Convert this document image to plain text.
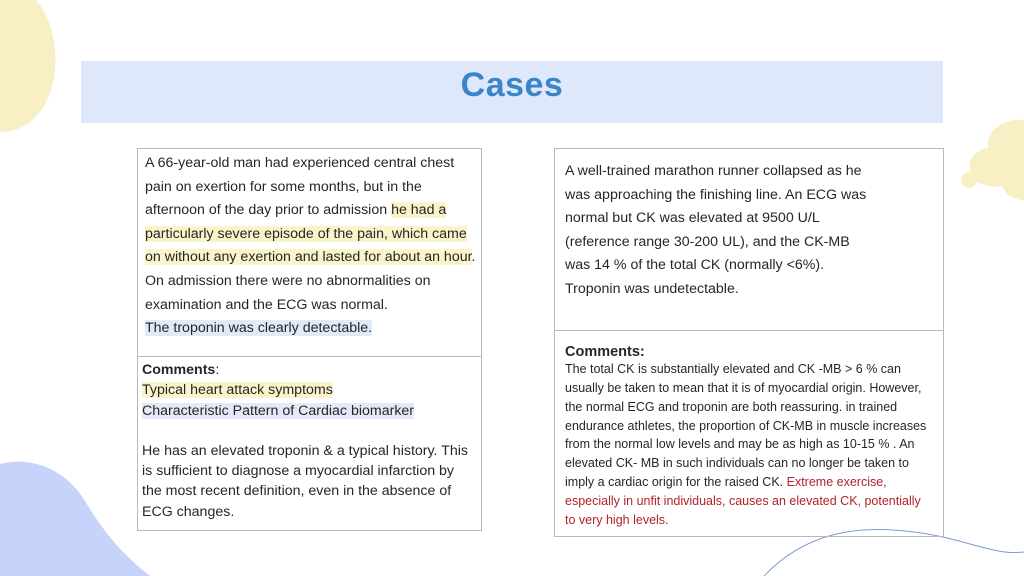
Cases
A 66-year-old man had experienced central chest pain on exertion for some months, but in the afternoon of the day prior to admission he had a particularly severe episode of the pain, which came on without any exertion and lasted for about an hour. On admission there were no abnormalities on examination and the ECG was normal.
The troponin was clearly detectable.
Comments:
Typical heart attack symptoms
Characteristic Pattern of Cardiac biomarker
He has an elevated troponin & a typical history. This is sufficient to diagnose a myocardial infarction by the most recent definition, even in the absence of ECG changes.
A well-trained marathon runner collapsed as he was approaching the finishing line. An ECG was normal but CK was elevated at 9500 U/L (reference range 30-200 UL), and the CK-MB was 14 % of the total CK (normally <6%). Troponin was undetectable.
Comments:
The total CK is substantially elevated and CK -MB > 6 % can usually be taken to mean that it is of myocardial origin. However, the normal ECG and troponin are both reassuring. in trained endurance athletes, the proportion of CK-MB in muscle increases from the normal low levels and may be as high as 10-15 % . An elevated CK- MB in such individuals can no longer be taken to imply a cardiac origin for the raised CK. Extreme exercise, especially in unfit individuals, causes an elevated CK, potentially to very high levels.
